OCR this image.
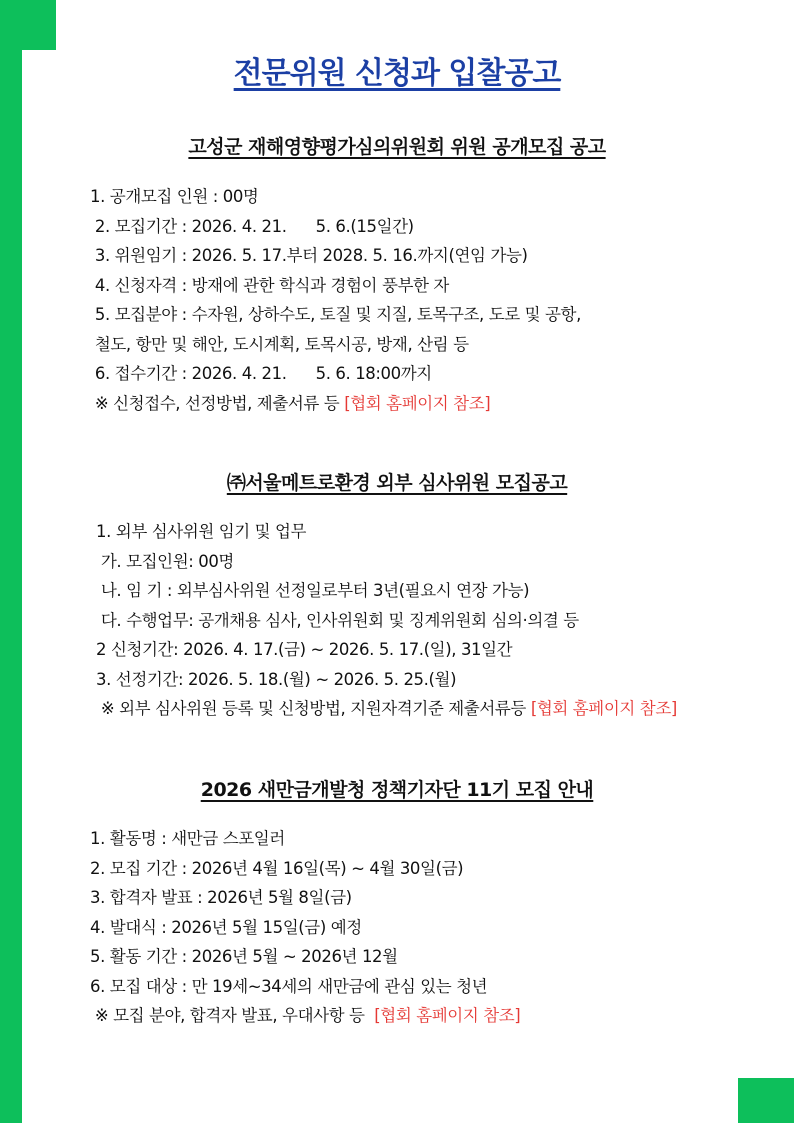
전문위원 신청과 입찰공고
고성군 재해영향평가심의위원회 위원 공개모집 공고
1. 공개모집 인원 : 00명
2. 모집기간 : 2026. 4. 21.      5. 6.(15일간)
3. 위원임기 : 2026. 5. 17.부터 2028. 5. 16.까지(연임 가능)
4. 신청자격 : 방재에 관한 학식과 경험이 풍부한 자
5. 모집분야 : 수자원, 상하수도, 토질 및 지질, 토목구조, 도로 및 공항,
철도, 항만 및 해안, 도시계획, 토목시공, 방재, 산림 등
6. 접수기간 : 2026. 4. 21.      5. 6. 18:00까지
※ 신청접수, 선정방법, 제출서류 등 [협회 홈페이지 참조]
㈜서울메트로환경 외부 심사위원 모집공고
1. 외부 심사위원 임기 및 업무
가. 모집인원: 00명
나. 임 기 : 외부심사위원 선정일로부터 3년(필요시 연장 가능)
다. 수행업무: 공개채용 심사, 인사위원회 및 징계위원회 심의·의결 등
2 신청기간: 2026. 4. 17.(금) ~ 2026. 5. 17.(일), 31일간
3. 선정기간: 2026. 5. 18.(월) ~ 2026. 5. 25.(월)
※ 외부 심사위원 등록 및 신청방법, 지원자격기준 제출서류등 [협회 홈페이지 참조]
2026 새만금개발청 정책기자단 11기 모집 안내
1. 활동명 : 새만금 스포일러
2. 모집 기간 : 2026년 4월 16일(목) ~ 4월 30일(금)
3. 합격자 발표 : 2026년 5월 8일(금)
4. 발대식 : 2026년 5월 15일(금) 예정
5. 활동 기간 : 2026년 5월 ~ 2026년 12월
6. 모집 대상 : 만 19세~34세의 새만금에 관심 있는 청년
※ 모집 분야, 합격자 발표, 우대사항 등  [협회 홈페이지 참조]
